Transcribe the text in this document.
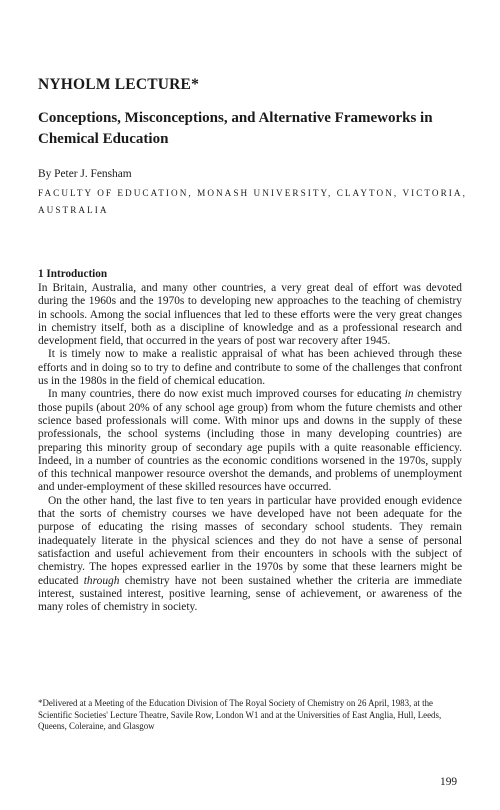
NYHOLM LECTURE*
Conceptions, Misconceptions, and Alternative Frameworks in Chemical Education
By Peter J. Fensham
FACULTY OF EDUCATION, MONASH UNIVERSITY, CLAYTON, VICTORIA, AUSTRALIA
1 Introduction

In Britain, Australia, and many other countries, a very great deal of effort was devoted during the 1960s and the 1970s to developing new approaches to the teaching of chemistry in schools. Among the social influences that led to these efforts were the very great changes in chemistry itself, both as a discipline of knowledge and as a professional research and development field, that occurred in the years of post war recovery after 1945.

It is timely now to make a realistic appraisal of what has been achieved through these efforts and in doing so to try to define and contribute to some of the challenges that confront us in the 1980s in the field of chemical education.

In many countries, there do now exist much improved courses for educating in chemistry those pupils (about 20% of any school age group) from whom the future chemists and other science based professionals will come. With minor ups and downs in the supply of these professionals, the school systems (including those in many developing countries) are preparing this minority group of secondary age pupils with a quite reasonable efficiency. Indeed, in a number of countries as the economic conditions worsened in the 1970s, supply of this technical manpower resource overshot the demands, and problems of unemployment and under-employment of these skilled resources have occurred.

On the other hand, the last five to ten years in particular have provided enough evidence that the sorts of chemistry courses we have developed have not been adequate for the purpose of educating the rising masses of secondary school students. They remain inadequately literate in the physical sciences and they do not have a sense of personal satisfaction and useful achievement from their encounters in schools with the subject of chemistry. The hopes expressed earlier in the 1970s by some that these learners might be educated through chemistry have not been sustained whether the criteria are immediate interest, sustained interest, positive learning, sense of achievement, or awareness of the many roles of chemistry in society.

*Delivered at a Meeting of the Education Division of The Royal Society of Chemistry on 26 April, 1983, at the Scientific Societies' Lecture Theatre, Savile Row, London W1 and at the Universities of East Anglia, Hull, Leeds, Queens, Coleraine, and Glasgow

199
